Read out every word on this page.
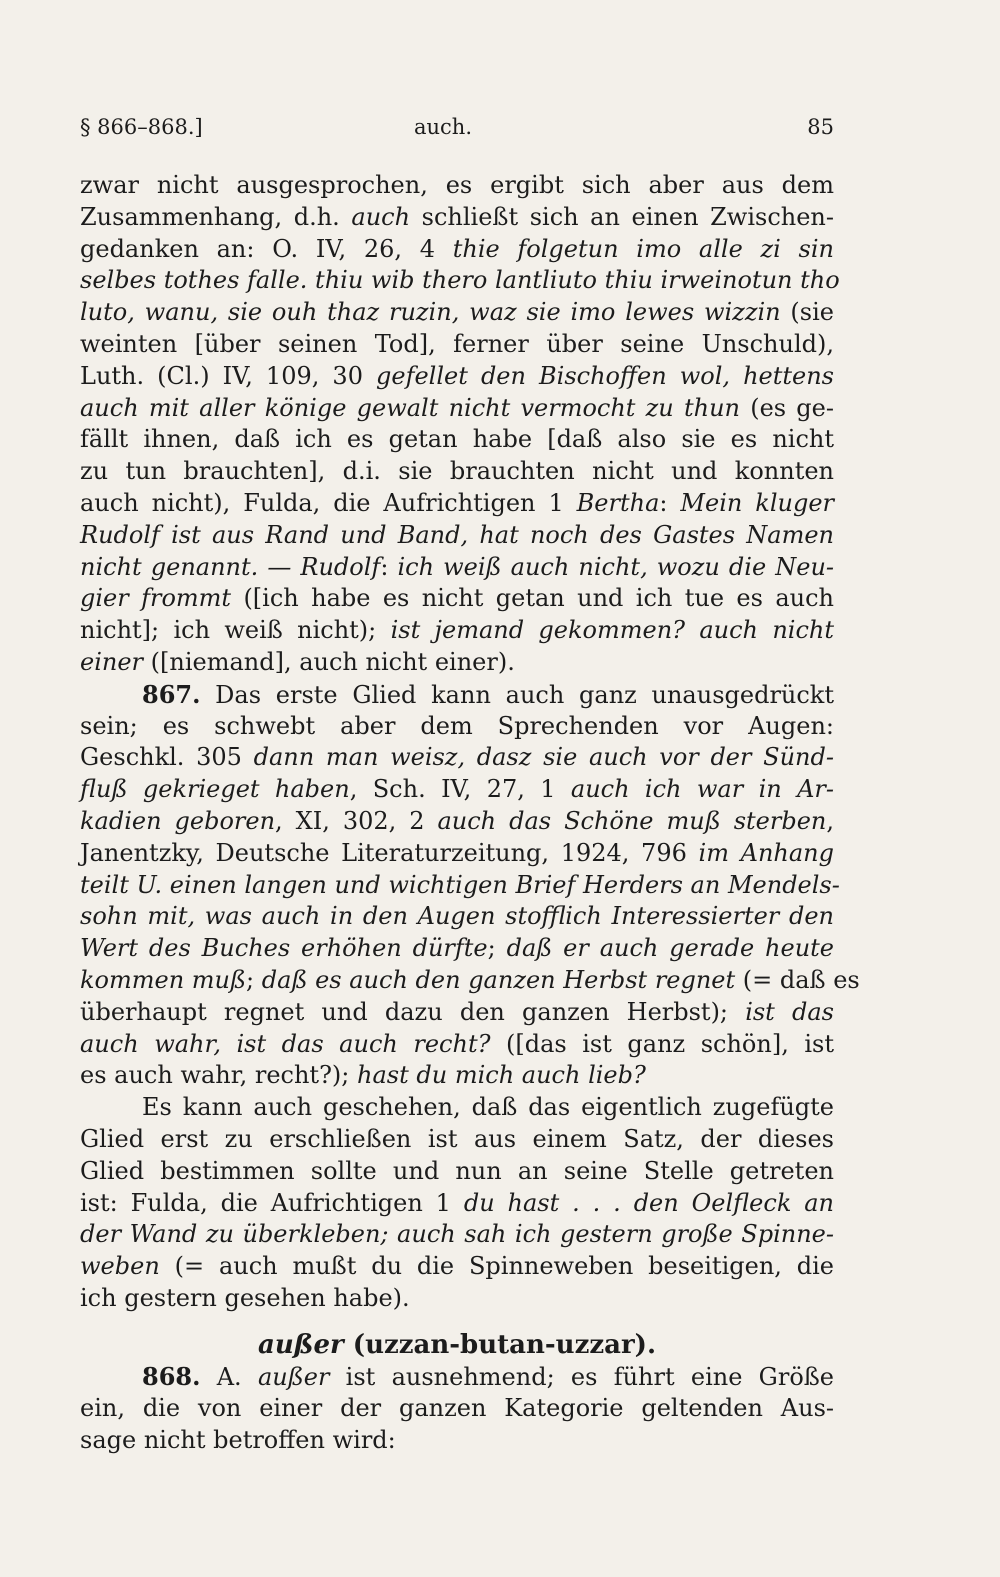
§ 866–868.]	auch.	85
zwar nicht ausgesprochen, es ergibt sich aber aus dem
Zusammenhang, d.h. auch schließt sich an einen Zwischen-
gedanken an: O. IV, 26, 4 thie folgetun imo alle zi sin
selbes tothes falle. thiu wib thero lantliuto thiu irweinotun tho
luto, wanu, sie ouh thaz ruzin, waz sie imo lewes wizzin (sie
weinten [über seinen Tod], ferner über seine Unschuld),
Luth. (Cl.) IV, 109, 30 gefellet den Bischoffen wol, hettens
auch mit aller könige gewalt nicht vermocht zu thun (es ge-
fällt ihnen, daß ich es getan habe [daß also sie es nicht
zu tun brauchten], d.i. sie brauchten nicht und konnten
auch nicht), Fulda, die Aufrichtigen 1 Bertha: Mein kluger
Rudolf ist aus Rand und Band, hat noch des Gastes Namen
nicht genannt. — Rudolf: ich weiß auch nicht, wozu die Neu-
gier frommt ([ich habe es nicht getan und ich tue es auch
nicht]; ich weiß nicht); ist jemand gekommen? auch nicht
einer ([niemand], auch nicht einer).
867. Das erste Glied kann auch ganz unausgedrückt
sein; es schwebt aber dem Sprechenden vor Augen:
Geschkl. 305 dann man weisz, dasz sie auch vor der Sünd-
fluß gekrieget haben, Sch. IV, 27, 1 auch ich war in Ar-
kadien geboren, XI, 302, 2 auch das Schöne muß sterben,
Janentzky, Deutsche Literaturzeitung, 1924, 796 im Anhang
teilt U. einen langen und wichtigen Brief Herders an Mendels-
sohn mit, was auch in den Augen stofflich Interessierter den
Wert des Buches erhöhen dürfte; daß er auch gerade heute
kommen muß; daß es auch den ganzen Herbst regnet (= daß es
überhaupt regnet und dazu den ganzen Herbst); ist das
auch wahr, ist das auch recht? ([das ist ganz schön], ist
es auch wahr, recht?); hast du mich auch lieb?
Es kann auch geschehen, daß das eigentlich zugefügte
Glied erst zu erschließen ist aus einem Satz, der dieses
Glied bestimmen sollte und nun an seine Stelle getreten
ist: Fulda, die Aufrichtigen 1 du hast . . . den Oelfleck an
der Wand zu überkleben; auch sah ich gestern große Spinne-
weben (= auch mußt du die Spinneweben beseitigen, die
ich gestern gesehen habe).
außer (uzzan-butan-uzzar).
868. A. außer ist ausnehmend; es führt eine Größe
ein, die von einer der ganzen Kategorie geltenden Aus-
sage nicht betroffen wird:
